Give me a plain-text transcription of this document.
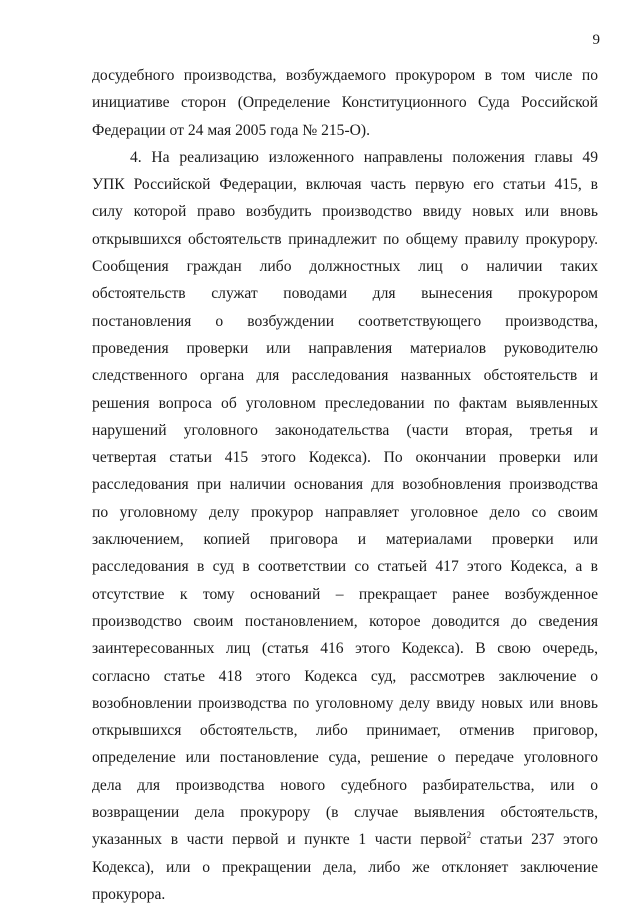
9
досудебного производства, возбуждаемого прокурором в том числе по
инициативе сторон (Определение Конституционного Суда Российской
Федерации от 24 мая 2005 года № 215-О).
4. На реализацию изложенного направлены положения главы 49
УПК Российской Федерации, включая часть первую его статьи 415, в
силу которой право возбудить производство ввиду новых или вновь
открывшихся обстоятельств принадлежит по общему правилу прокурору.
Сообщения граждан либо должностных лиц о наличии таких
обстоятельств служат поводами для вынесения прокурором
постановления о возбуждении соответствующего производства,
проведения проверки или направления материалов руководителю
следственного органа для расследования названных обстоятельств и
решения вопроса об уголовном преследовании по фактам выявленных
нарушений уголовного законодательства (части вторая, третья и
четвертая статьи 415 этого Кодекса). По окончании проверки или
расследования при наличии основания для возобновления производства
по уголовному делу прокурор направляет уголовное дело со своим
заключением, копией приговора и материалами проверки или
расследования в суд в соответствии со статьей 417 этого Кодекса, а в
отсутствие к тому оснований – прекращает ранее возбужденное
производство своим постановлением, которое доводится до сведения
заинтересованных лиц (статья 416 этого Кодекса). В свою очередь,
согласно статье 418 этого Кодекса суд, рассмотрев заключение о
возобновлении производства по уголовному делу ввиду новых или вновь
открывшихся обстоятельств, либо принимает, отменив приговор,
определение или постановление суда, решение о передаче уголовного
дела для производства нового судебного разбирательства, или о
возвращении дела прокурору (в случае выявления обстоятельств,
указанных в части первой и пункте 1 части первой$^2$ статьи 237 этого
Кодекса), или о прекращении дела, либо же отклоняет заключение
прокурора.
